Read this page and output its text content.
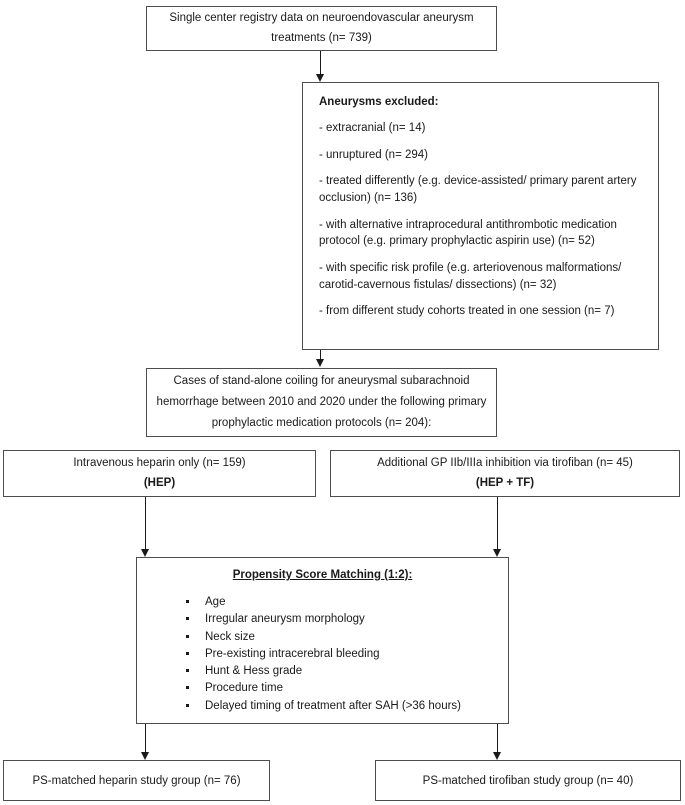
Single center registry data on neuroendovascular aneurysm treatments (n= 739)
Aneurysms excluded:

- extracranial (n= 14)

- unruptured (n= 294)

- treated differently (e.g. device-assisted/ primary parent artery occlusion) (n= 136)

- with alternative intraprocedural antithrombotic medication protocol (e.g. primary prophylactic aspirin use) (n= 52)

- with specific risk profile (e.g. arteriovenous malformations/ carotid-cavernous fistulas/ dissections) (n= 32)

- from different study cohorts treated in one session (n= 7)

Cases of stand-alone coiling for aneurysmal subarachnoid hemorrhage between 2010 and 2020 under the following primary prophylactic medication protocols (n= 204):
Intravenous heparin only (n= 159)
(HEP)
Additional GP IIb/IIIa inhibition via tirofiban (n= 45)
(HEP + TF)
Propensity Score Matching (1:2):
▪ Age
▪ Irregular aneurysm morphology
▪ Neck size
▪ Pre-existing intracerebral bleeding
▪ Hunt & Hess grade
▪ Procedure time
▪ Delayed timing of treatment after SAH (>36 hours)
PS-matched heparin study group (n= 76)	PS-matched tirofiban study group (n= 40)
